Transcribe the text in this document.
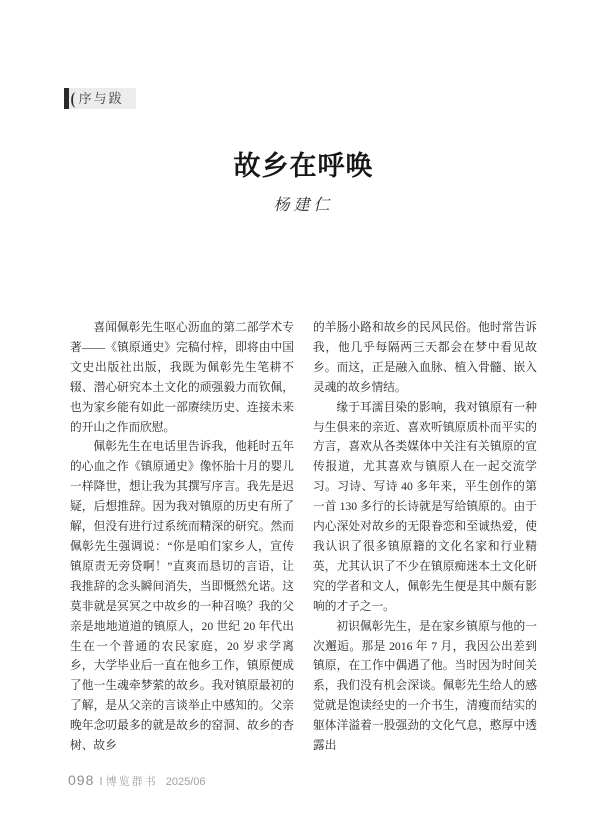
( 序与跋
故乡在呼唤
杨建仁

喜闻佩彰先生呕心沥血的第二部学术专著——《镇原通史》完稿付梓，即将由中国文史出版社出版，我既为佩彰先生笔耕不辍、潜心研究本土文化的顽强毅力而钦佩，也为家乡能有如此一部赓续历史、连接未来的开山之作而欣慰。

佩彰先生在电话里告诉我，他耗时五年的心血之作《镇原通史》像怀胎十月的婴儿一样降世，想让我为其撰写序言。我先是迟疑，后想推辞。因为我对镇原的历史有所了解，但没有进行过系统而精深的研究。然而佩彰先生强调说：“你是咱们家乡人，宣传镇原责无旁贷啊！”直爽而恳切的言语，让我推辞的念头瞬间消失，当即慨然允诺。这莫非就是冥冥之中故乡的一种召唤？我的父亲是地地道道的镇原人，20 世纪 20 年代出生在一个普通的农民家庭，20 岁求学离乡，大学毕业后一直在他乡工作，镇原便成了他一生魂牵梦萦的故乡。我对镇原最初的了解，是从父亲的言谈举止中感知的。父亲晚年念叨最多的就是故乡的窑洞、故乡的杏树、故乡

的羊肠小路和故乡的民风民俗。他时常告诉我，他几乎每隔两三天都会在梦中看见故乡。而这，正是融入血脉、植入骨髓、嵌入灵魂的故乡情结。

缘于耳濡目染的影响，我对镇原有一种与生俱来的亲近、喜欢听镇原质朴而平实的方言，喜欢从各类媒体中关注有关镇原的宣传报道，尤其喜欢与镇原人在一起交流学习。习诗、写诗 40 多年来，平生创作的第一首 130 多行的长诗就是写给镇原的。由于内心深处对故乡的无限眷恋和至诚热爱，使我认识了很多镇原籍的文化名家和行业精英，尤其认识了不少在镇原痴迷本土文化研究的学者和文人，佩彰先生便是其中颇有影响的才子之一。

初识佩彰先生，是在家乡镇原与他的一次邂逅。那是 2016 年 7 月，我因公出差到镇原，在工作中偶遇了他。当时因为时间关系，我们没有机会深谈。佩彰先生给人的感觉就是饱读经史的一介书生，清瘦而结实的躯体洋溢着一股强劲的文化气息，憨厚中透露出

098 ‖ 博览群书 2025/06
